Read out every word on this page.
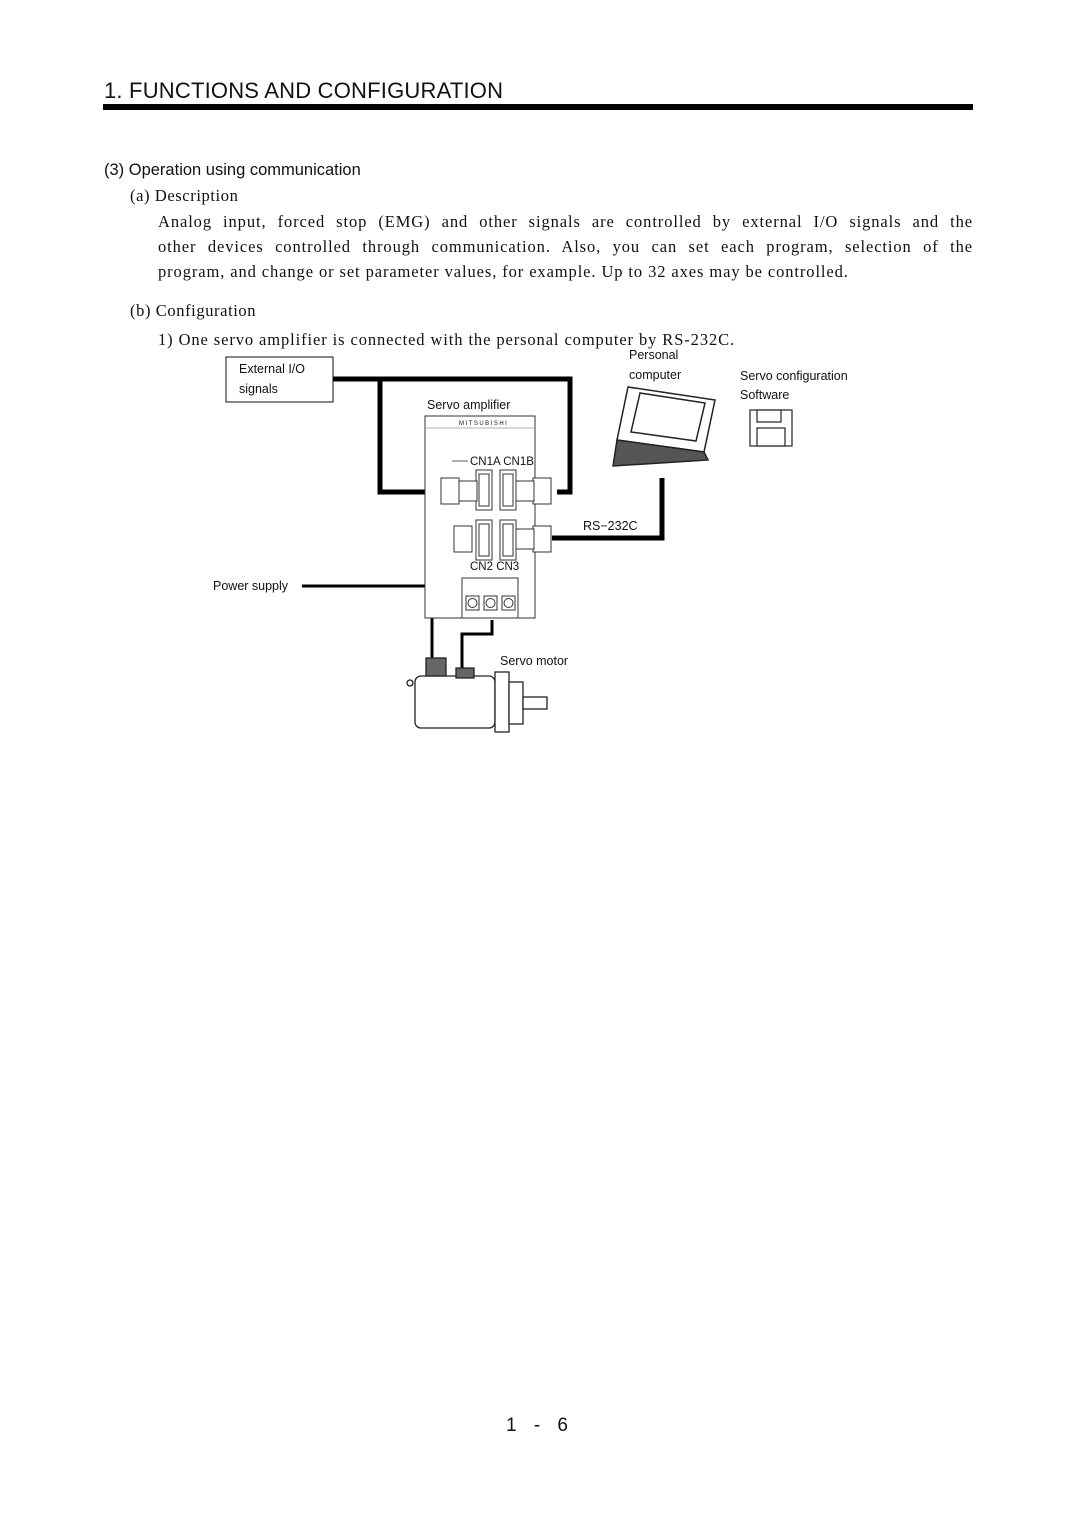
1. FUNCTIONS AND CONFIGURATION
(3) Operation using communication
(a) Description
Analog input, forced stop (EMG) and other signals are controlled by external I/O signals and the
other devices controlled through communication. Also, you can set each program, selection of the
program, and change or set parameter values, for example. Up to 32 axes may be controlled.
(b) Configuration
1) One servo amplifier is connected with the personal computer by RS-232C.
External I/O
signals
Servo amplifier
MITSUBISHI
CN1A CN1B
CN2 CN3
Personal
computer	Servo configuration
Software
RS−232C
Power supply
Servo motor
1 - 6
